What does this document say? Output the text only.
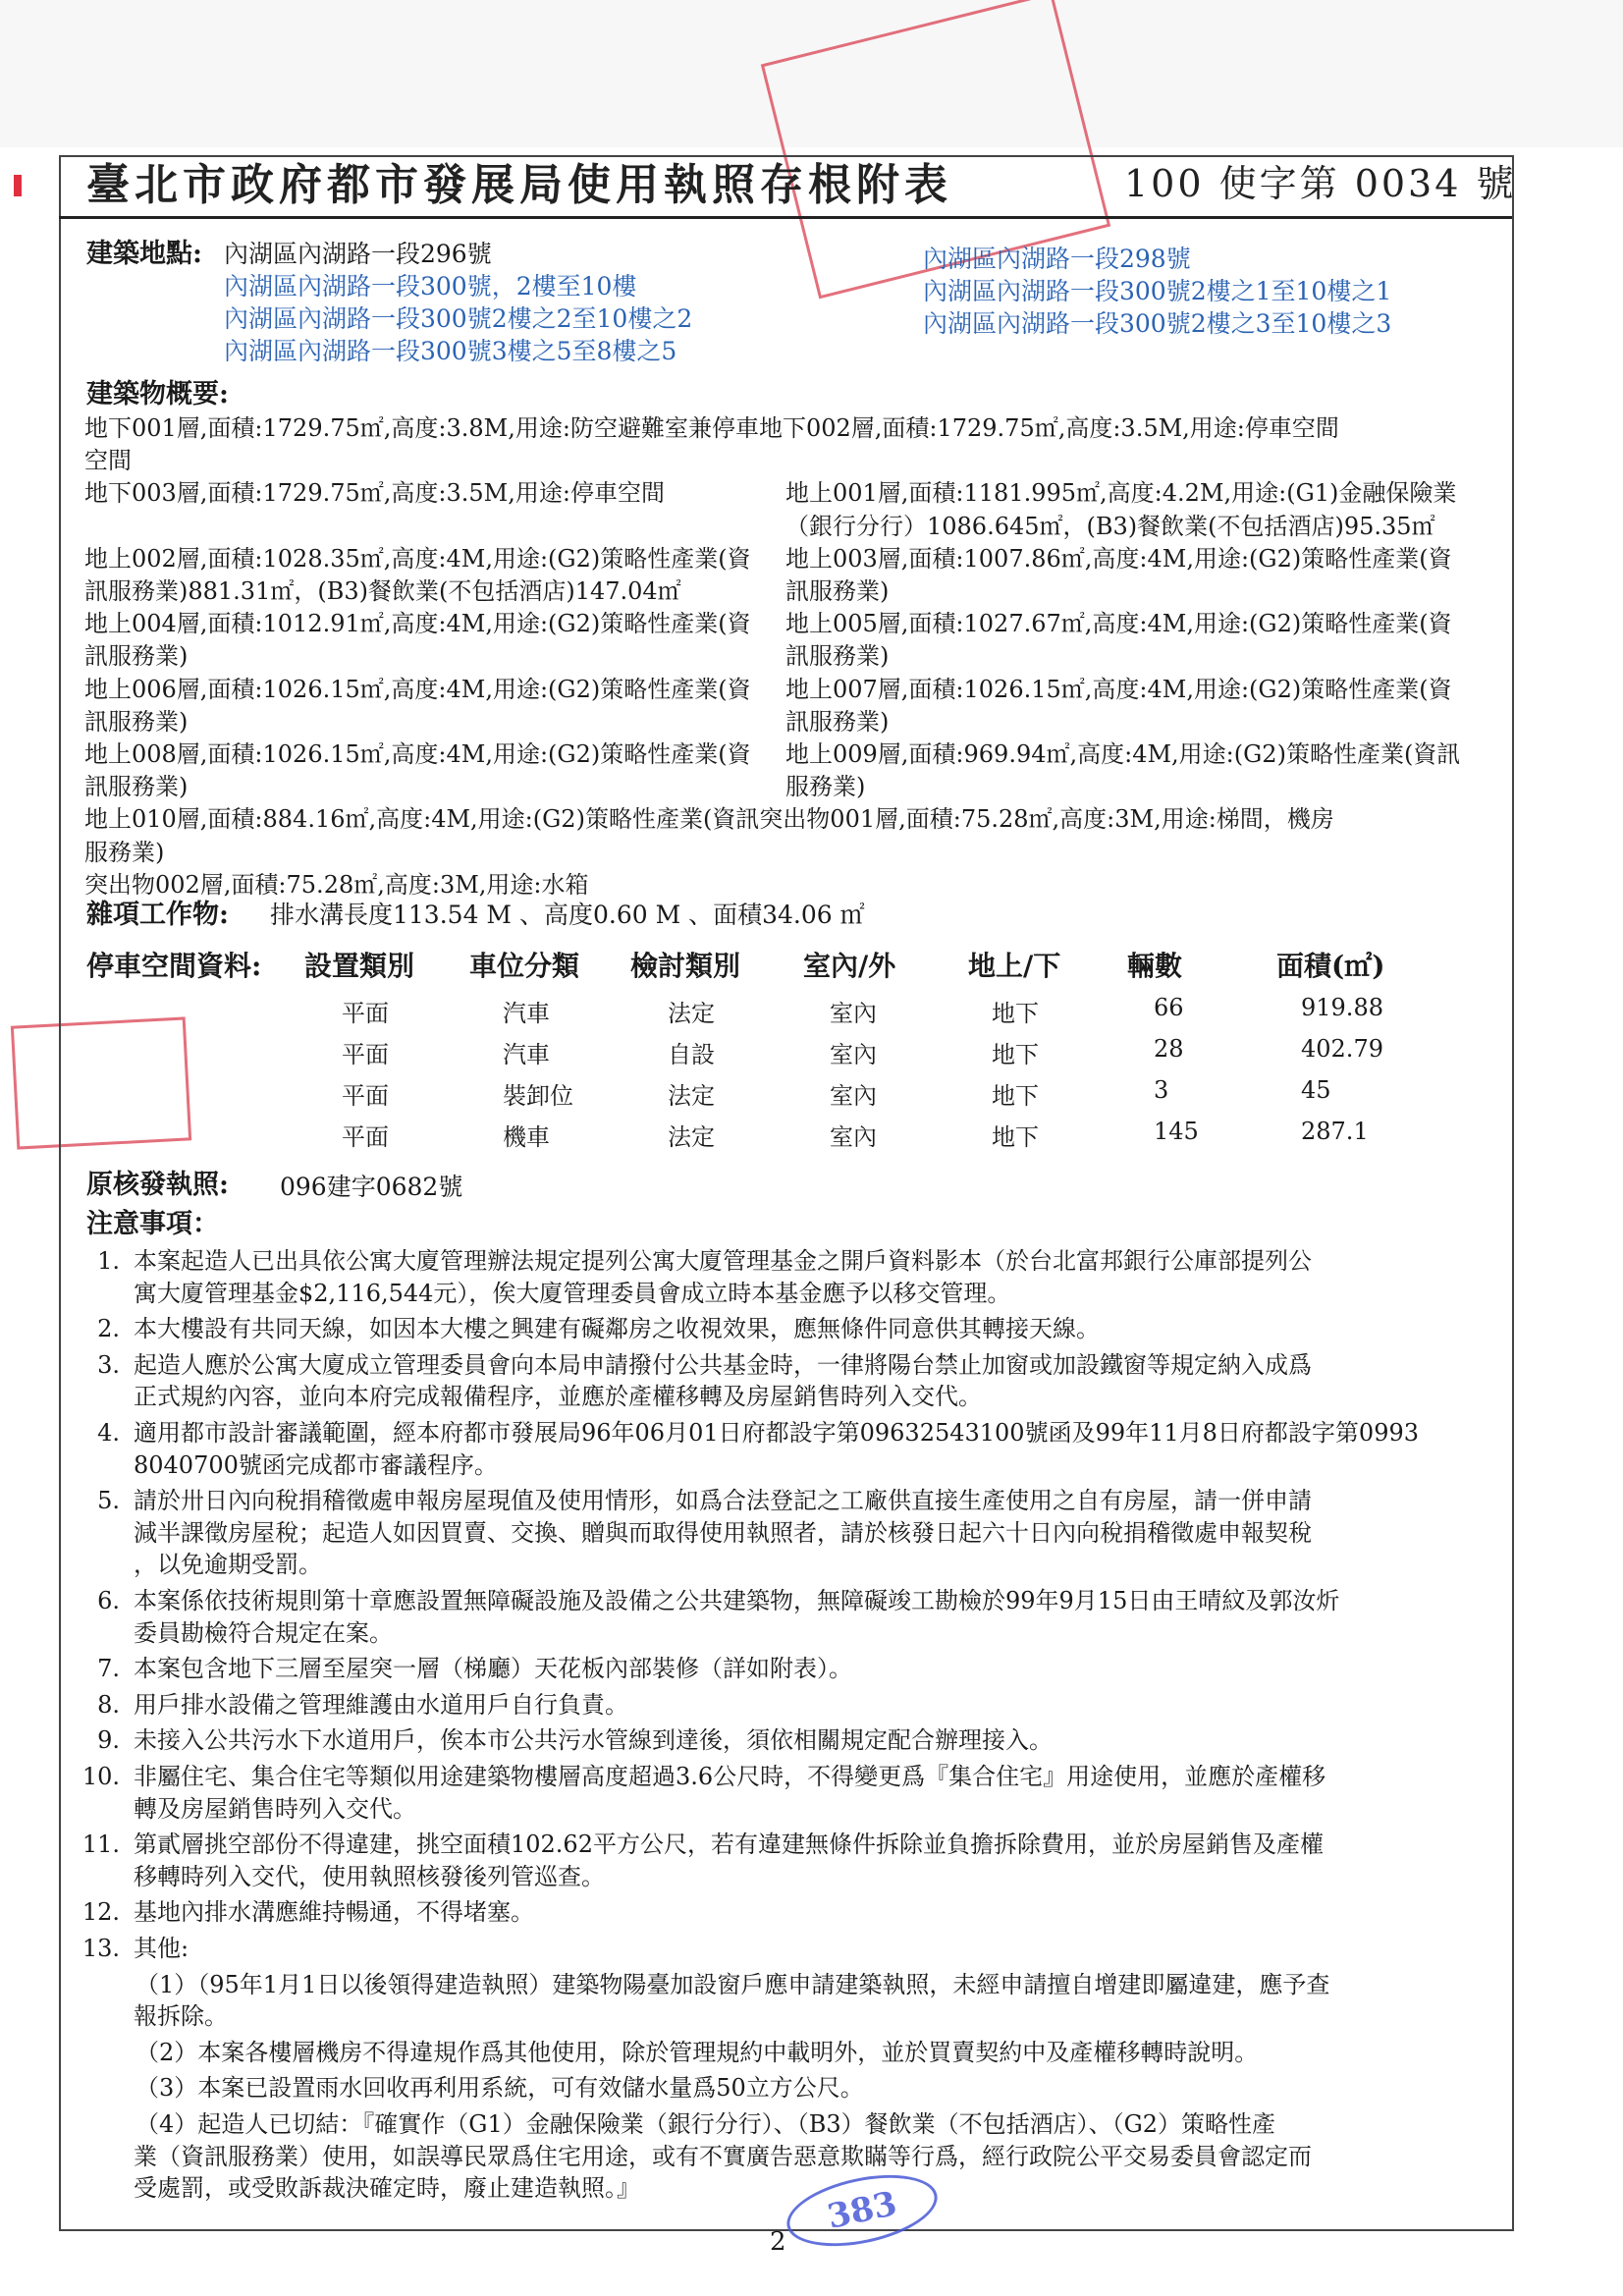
臺北市政府都市發展局使用執照存根附表	100 使字第 0034 號
建築地點: 內湖區內湖路一段296號
內湖區內湖路一段300號，2樓至10樓
內湖區內湖路一段300號2樓之2至10樓之2
內湖區內湖路一段300號3樓之5至8樓之5
內湖區內湖路一段298號
內湖區內湖路一段300號2樓之1至10樓之1
內湖區內湖路一段300號2樓之3至10樓之3
建築物概要:
地下001層,面積:1729.75㎡,高度:3.8M,用途:防空避難室兼停車地下002層,面積:1729.75㎡,高度:3.5M,用途:停車空間
空間
地下003層,面積:1729.75㎡,高度:3.5M,用途:停車空間	地上001層,面積:1181.995㎡,高度:4.2M,用途:(G1)金融保險業
（銀行分行）1086.645㎡，(B3)餐飲業(不包括酒店)95.35㎡
地上002層,面積:1028.35㎡,高度:4M,用途:(G2)策略性產業(資 地上003層,面積:1007.86㎡,高度:4M,用途:(G2)策略性產業(資
訊服務業)881.31㎡，(B3)餐飲業(不包括酒店)147.04㎡	訊服務業)
地上004層,面積:1012.91㎡,高度:4M,用途:(G2)策略性產業(資 地上005層,面積:1027.67㎡,高度:4M,用途:(G2)策略性產業(資
訊服務業)	訊服務業)
地上006層,面積:1026.15㎡,高度:4M,用途:(G2)策略性產業(資 地上007層,面積:1026.15㎡,高度:4M,用途:(G2)策略性產業(資
訊服務業)	訊服務業)
地上008層,面積:1026.15㎡,高度:4M,用途:(G2)策略性產業(資 地上009層,面積:969.94㎡,高度:4M,用途:(G2)策略性產業(資訊
訊服務業)	服務業)
地上010層,面積:884.16㎡,高度:4M,用途:(G2)策略性產業(資訊突出物001層,面積:75.28㎡,高度:3M,用途:梯間，機房
服務業)
突出物002層,面積:75.28㎡,高度:3M,用途:水箱
雜項工作物: 排水溝長度113.54 M 、高度0.60 M 、面積34.06 ㎡
停車空間資料: 設置類別 車位分類 檢討類別 室內/外	地上/下 輛數	面積(㎡)
平面	汽車	法定	室內	地下	66	919.88
平面	汽車	自設	室內	地下	28	402.79
平面	裝卸位	法定	室內	地下	3	45
平面	機車	法定	室內	地下	145	287.1
原核發執照: 096建字0682號
注意事項：
1. 本案起造人已出具依公寓大廈管理辦法規定提列公寓大廈管理基金之開戶資料影本（於台北富邦銀行公庫部提列公
寓大廈管理基金$2,116,544元），俟大廈管理委員會成立時本基金應予以移交管理。
2. 本大樓設有共同天線，如因本大樓之興建有礙鄰房之收視效果，應無條件同意供其轉接天線。
3. 起造人應於公寓大廈成立管理委員會向本局申請撥付公共基金時，一律將陽台禁止加窗或加設鐵窗等規定納入成爲
正式規約內容，並向本府完成報備程序，並應於產權移轉及房屋銷售時列入交代。
4. 適用都市設計審議範圍，經本府都市發展局96年06月01日府都設字第09632543100號函及99年11月8日府都設字第0993
8040700號函完成都市審議程序。
5. 請於卅日內向稅捐稽徵處申報房屋現值及使用情形，如爲合法登記之工廠供直接生產使用之自有房屋，請一併申請
減半課徵房屋稅；起造人如因買賣、交換、贈與而取得使用執照者，請於核發日起六十日內向稅捐稽徵處申報契稅
，以免逾期受罰。
6. 本案係依技術規則第十章應設置無障礙設施及設備之公共建築物，無障礙竣工勘檢於99年9月15日由王晴紋及郭汝炘
委員勘檢符合規定在案。
7. 本案包含地下三層至屋突一層（梯廳）天花板內部裝修（詳如附表）。
8. 用戶排水設備之管理維護由水道用戶自行負責。
9. 未接入公共污水下水道用戶，俟本市公共污水管線到達後，須依相關規定配合辦理接入。
10. 非屬住宅、集合住宅等類似用途建築物樓層高度超過3.6公尺時，不得變更爲『集合住宅』用途使用，並應於產權移
轉及房屋銷售時列入交代。
11. 第貳層挑空部份不得違建，挑空面積102.62平方公尺，若有違建無條件拆除並負擔拆除費用，並於房屋銷售及產權
移轉時列入交代，使用執照核發後列管巡查。
12. 基地內排水溝應維持暢通，不得堵塞。
13. 其他:
（1）（95年1月1日以後領得建造執照）建築物陽臺加設窗戶應申請建築執照，未經申請擅自增建即屬違建，應予查
報拆除。
（2）本案各樓層機房不得違規作爲其他使用，除於管理規約中載明外，並於買賣契約中及產權移轉時說明。
（3）本案已設置雨水回收再利用系統，可有效儲水量爲50立方公尺。
（4）起造人已切結：『確實作（G1）金融保險業（銀行分行）、（B3）餐飲業（不包括酒店）、（G2）策略性產
業（資訊服務業）使用，如誤導民眾爲住宅用途，或有不實廣告惡意欺瞞等行爲，經行政院公平交易委員會認定而
受處罰，或受敗訴裁決確定時，廢止建造執照。』	383
2
